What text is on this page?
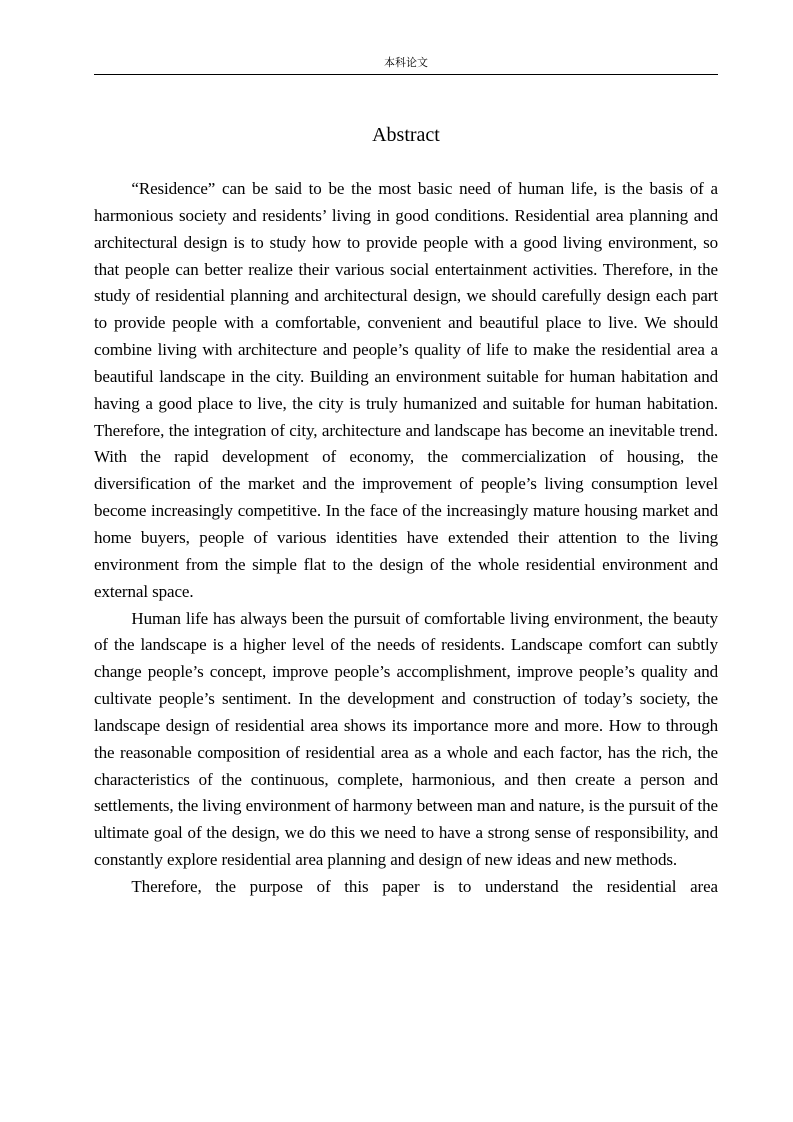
本科论文
Abstract

“Residence” can be said to be the most basic need of human life, is the basis of a harmonious society and residents’ living in good conditions. Residential area planning and architectural design is to study how to provide people with a good living environment, so that people can better realize their various social entertainment activities. Therefore, in the study of residential planning and architectural design, we should carefully design each part to provide people with a comfortable, convenient and beautiful place to live. We should combine living with architecture and people’s quality of life to make the residential area a beautiful landscape in the city. Building an environment suitable for human habitation and having a good place to live, the city is truly humanized and suitable for human habitation. Therefore, the integration of city, architecture and landscape has become an inevitable trend. With the rapid development of economy, the commercialization of housing, the diversification of the market and the improvement of people’s living consumption level become increasingly competitive. In the face of the increasingly mature housing market and home buyers, people of various identities have extended their attention to the living environment from the simple flat to the design of the whole residential environment and external space.

Human life has always been the pursuit of comfortable living environment, the beauty of the landscape is a higher level of the needs of residents. Landscape comfort can subtly change people’s concept, improve people’s accomplishment, improve people’s quality and cultivate people’s sentiment. In the development and construction of today’s society, the landscape design of residential area shows its importance more and more. How to through the reasonable composition of residential area as a whole and each factor, has the rich, the characteristics of the continuous, complete, harmonious, and then create a person and settlements, the living environment of harmony between man and nature, is the pursuit of the ultimate goal of the design, we do this we need to have a strong sense of responsibility, and constantly explore residential area planning and design of new ideas and new methods.

Therefore, the purpose of this paper is to understand the residential area
